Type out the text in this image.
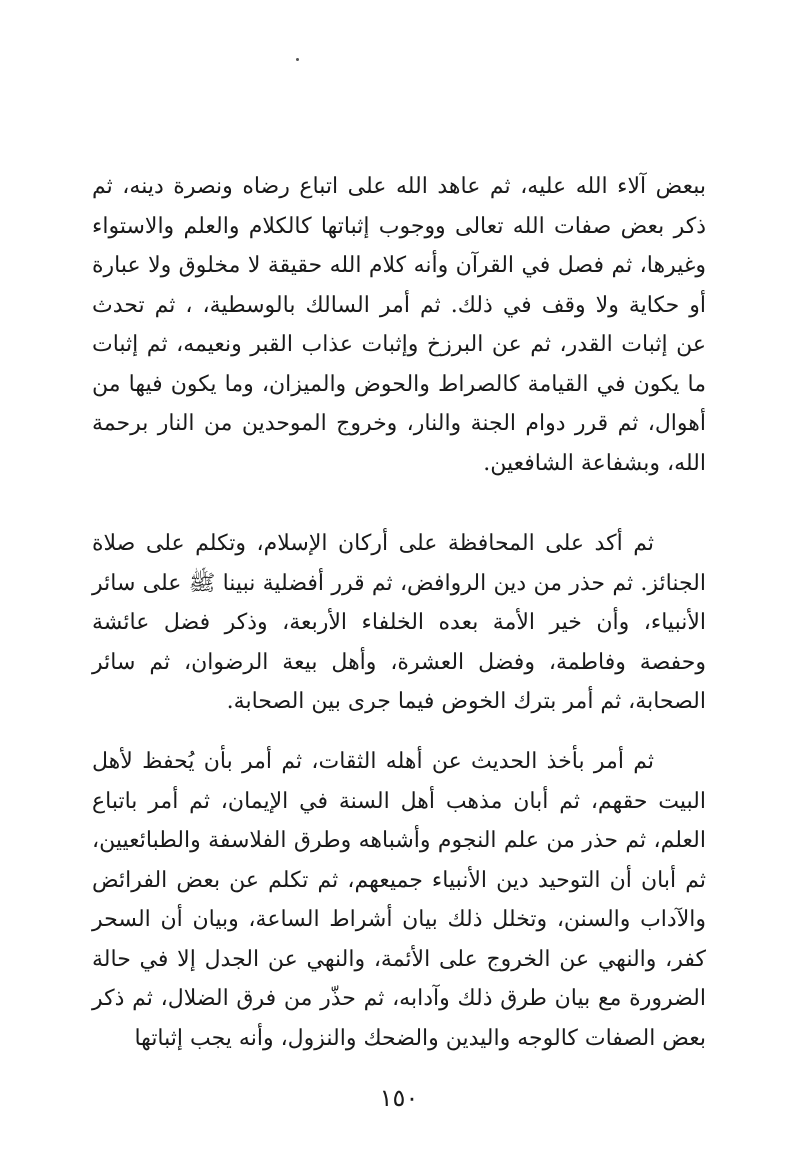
ببعض آلاء الله عليه، ثم عاهد الله على اتباع رضاه ونصرة دينه، ثم ذكر بعض صفات الله تعالى ووجوب إثباتها كالكلام والعلم والاستواء وغيرها، ثم فصل في القرآن وأنه كلام الله حقيقة لا مخلوق ولا عبارة أو حكاية ولا وقف في ذلك. ثم أمر السالك بالوسطية، ، ثم تحدث عن إثبات القدر، ثم عن البرزخ وإثبات عذاب القبر ونعيمه، ثم إثبات ما يكون في القيامة كالصراط والحوض والميزان، وما يكون فيها من أهوال، ثم قرر دوام الجنة والنار، وخروج الموحدين من النار برحمة الله، وبشفاعة الشافعين.

ثم أكد على المحافظة على أركان الإسلام، وتكلم على صلاة الجنائز. ثم حذر من دين الروافض، ثم قرر أفضلية نبينا ﷺ على سائر الأنبياء، وأن خير الأمة بعده الخلفاء الأربعة، وذكر فضل عائشة وحفصة وفاطمة، وفضل العشرة، وأهل بيعة الرضوان، ثم سائر الصحابة، ثم أمر بترك الخوض فيما جرى بين الصحابة.

ثم أمر بأخذ الحديث عن أهله الثقات، ثم أمر بأن يُحفظ لأهل البيت حقهم، ثم أبان مذهب أهل السنة في الإيمان، ثم أمر باتباع العلم، ثم حذر من علم النجوم وأشباهه وطرق الفلاسفة والطبائعيين، ثم أبان أن التوحيد دين الأنبياء جميعهم، ثم تكلم عن بعض الفرائض والآداب والسنن، وتخلل ذلك بيان أشراط الساعة، وبيان أن السحر كفر، والنهي عن الخروج على الأئمة، والنهي عن الجدل إلا في حالة الضرورة مع بيان طرق ذلك وآدابه، ثم حذّر من فرق الضلال، ثم ذكر بعض الصفات كالوجه واليدين والضحك والنزول، وأنه يجب إثباتها

١٥٠
